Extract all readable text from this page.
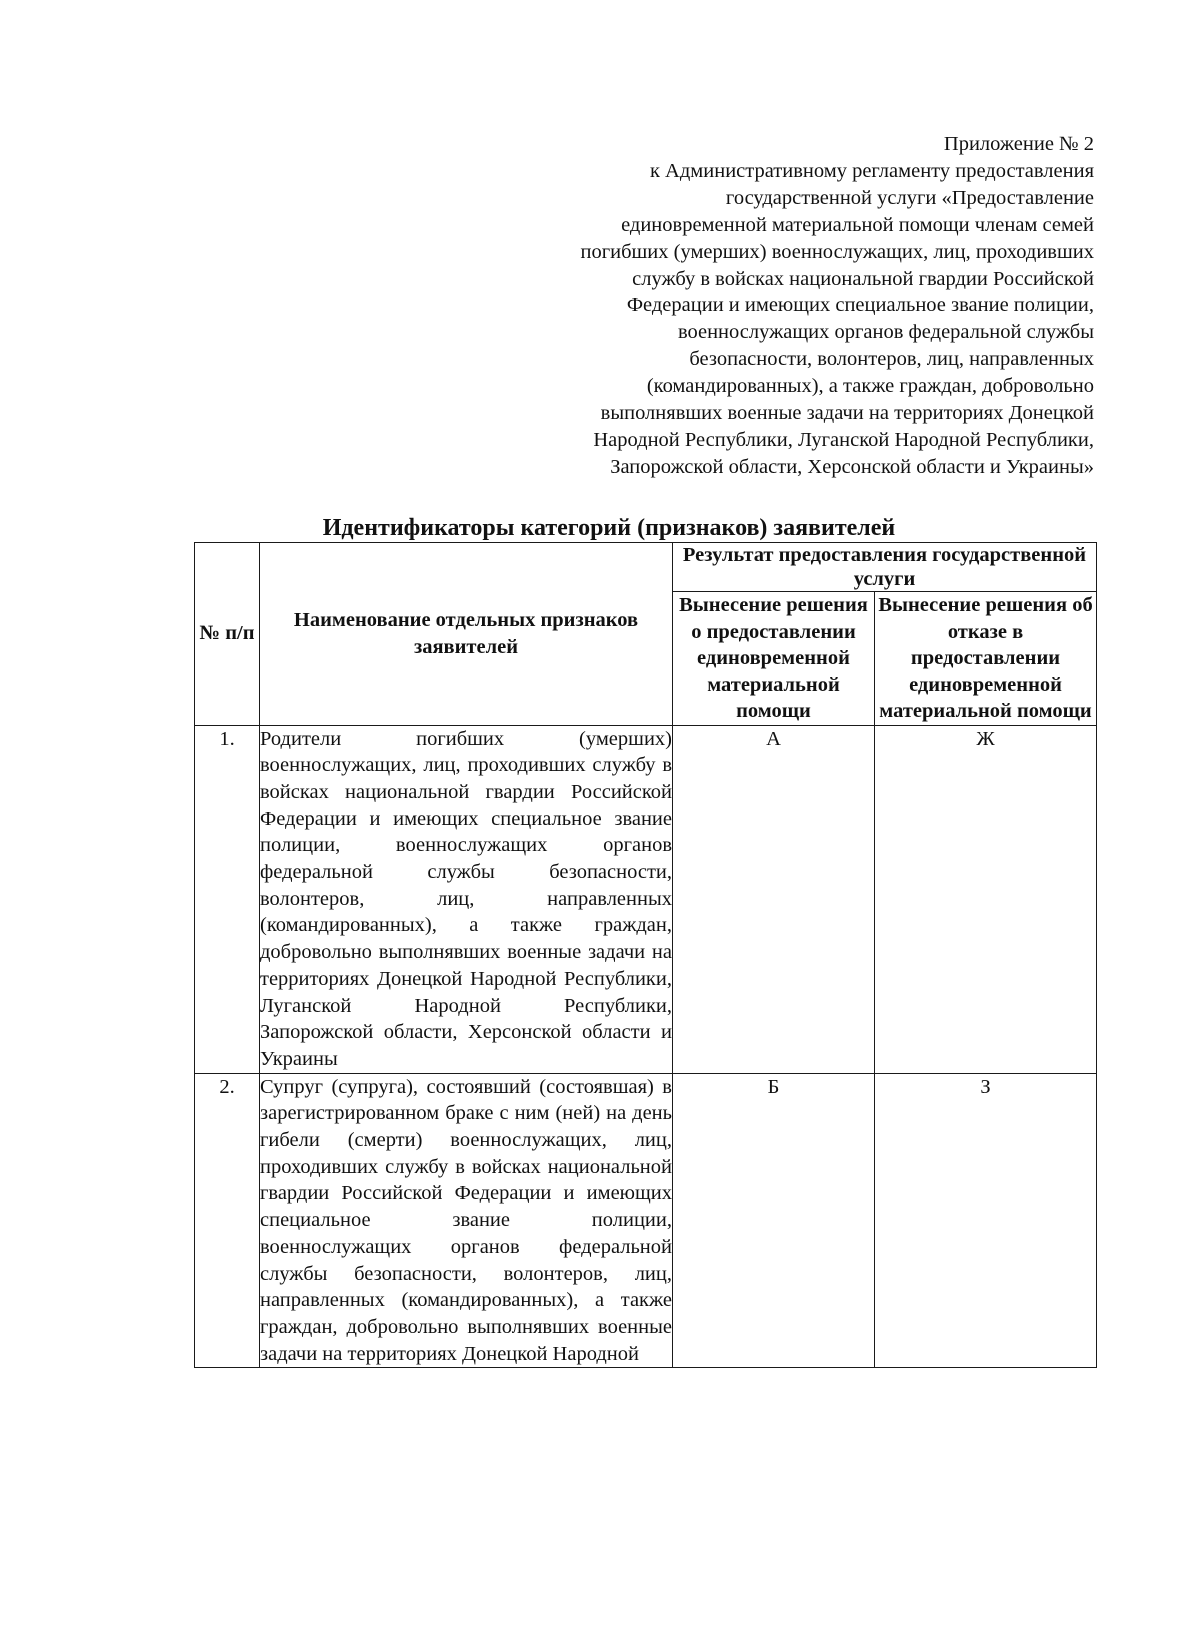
Приложение № 2
к Административному регламенту предоставления
государственной услуги «Предоставление
единовременной материальной помощи членам семей
погибших (умерших) военнослужащих, лиц, проходивших
службу в войсках национальной гвардии Российской
Федерации и имеющих специальное звание полиции,
военнослужащих органов федеральной службы
безопасности, волонтеров, лиц, направленных
(командированных), а также граждан, добровольно
выполнявших военные задачи на территориях Донецкой
Народной Республики, Луганской Народной Республики,
Запорожской области, Херсонской области и Украины»
Идентификаторы категорий (признаков) заявителей
№ п/п	Наименование отдельных признаков заявителей	Результат предоставления государственной услуги	
		Вынесение решения о предоставлении единовременной материальной помощи	Вынесение решения об отказе в предоставлении единовременной материальной помощи
1.	Родители погибших (умерших) военнослужащих, лиц, проходивших службу в войсках национальной гвардии Российской Федерации и имеющих специальное звание полиции, военнослужащих органов федеральной службы безопасности, волонтеров, лиц, направленных (командированных), а также граждан, добровольно выполнявших военные задачи на территориях Донецкой Народной Республики, Луганской Народной Республики, Запорожской области, Херсонской области и Украины	А	Ж
2.	Супруг (супруга), состоявший (состоявшая) в зарегистрированном браке с ним (ней) на день гибели (смерти) военнослужащих, лиц, проходивших службу в войсках национальной гвардии Российской Федерации и имеющих специальное звание полиции, военнослужащих органов федеральной службы безопасности, волонтеров, лиц, направленных (командированных), а также граждан, добровольно выполнявших военные задачи на территориях Донецкой Народной	Б	З
